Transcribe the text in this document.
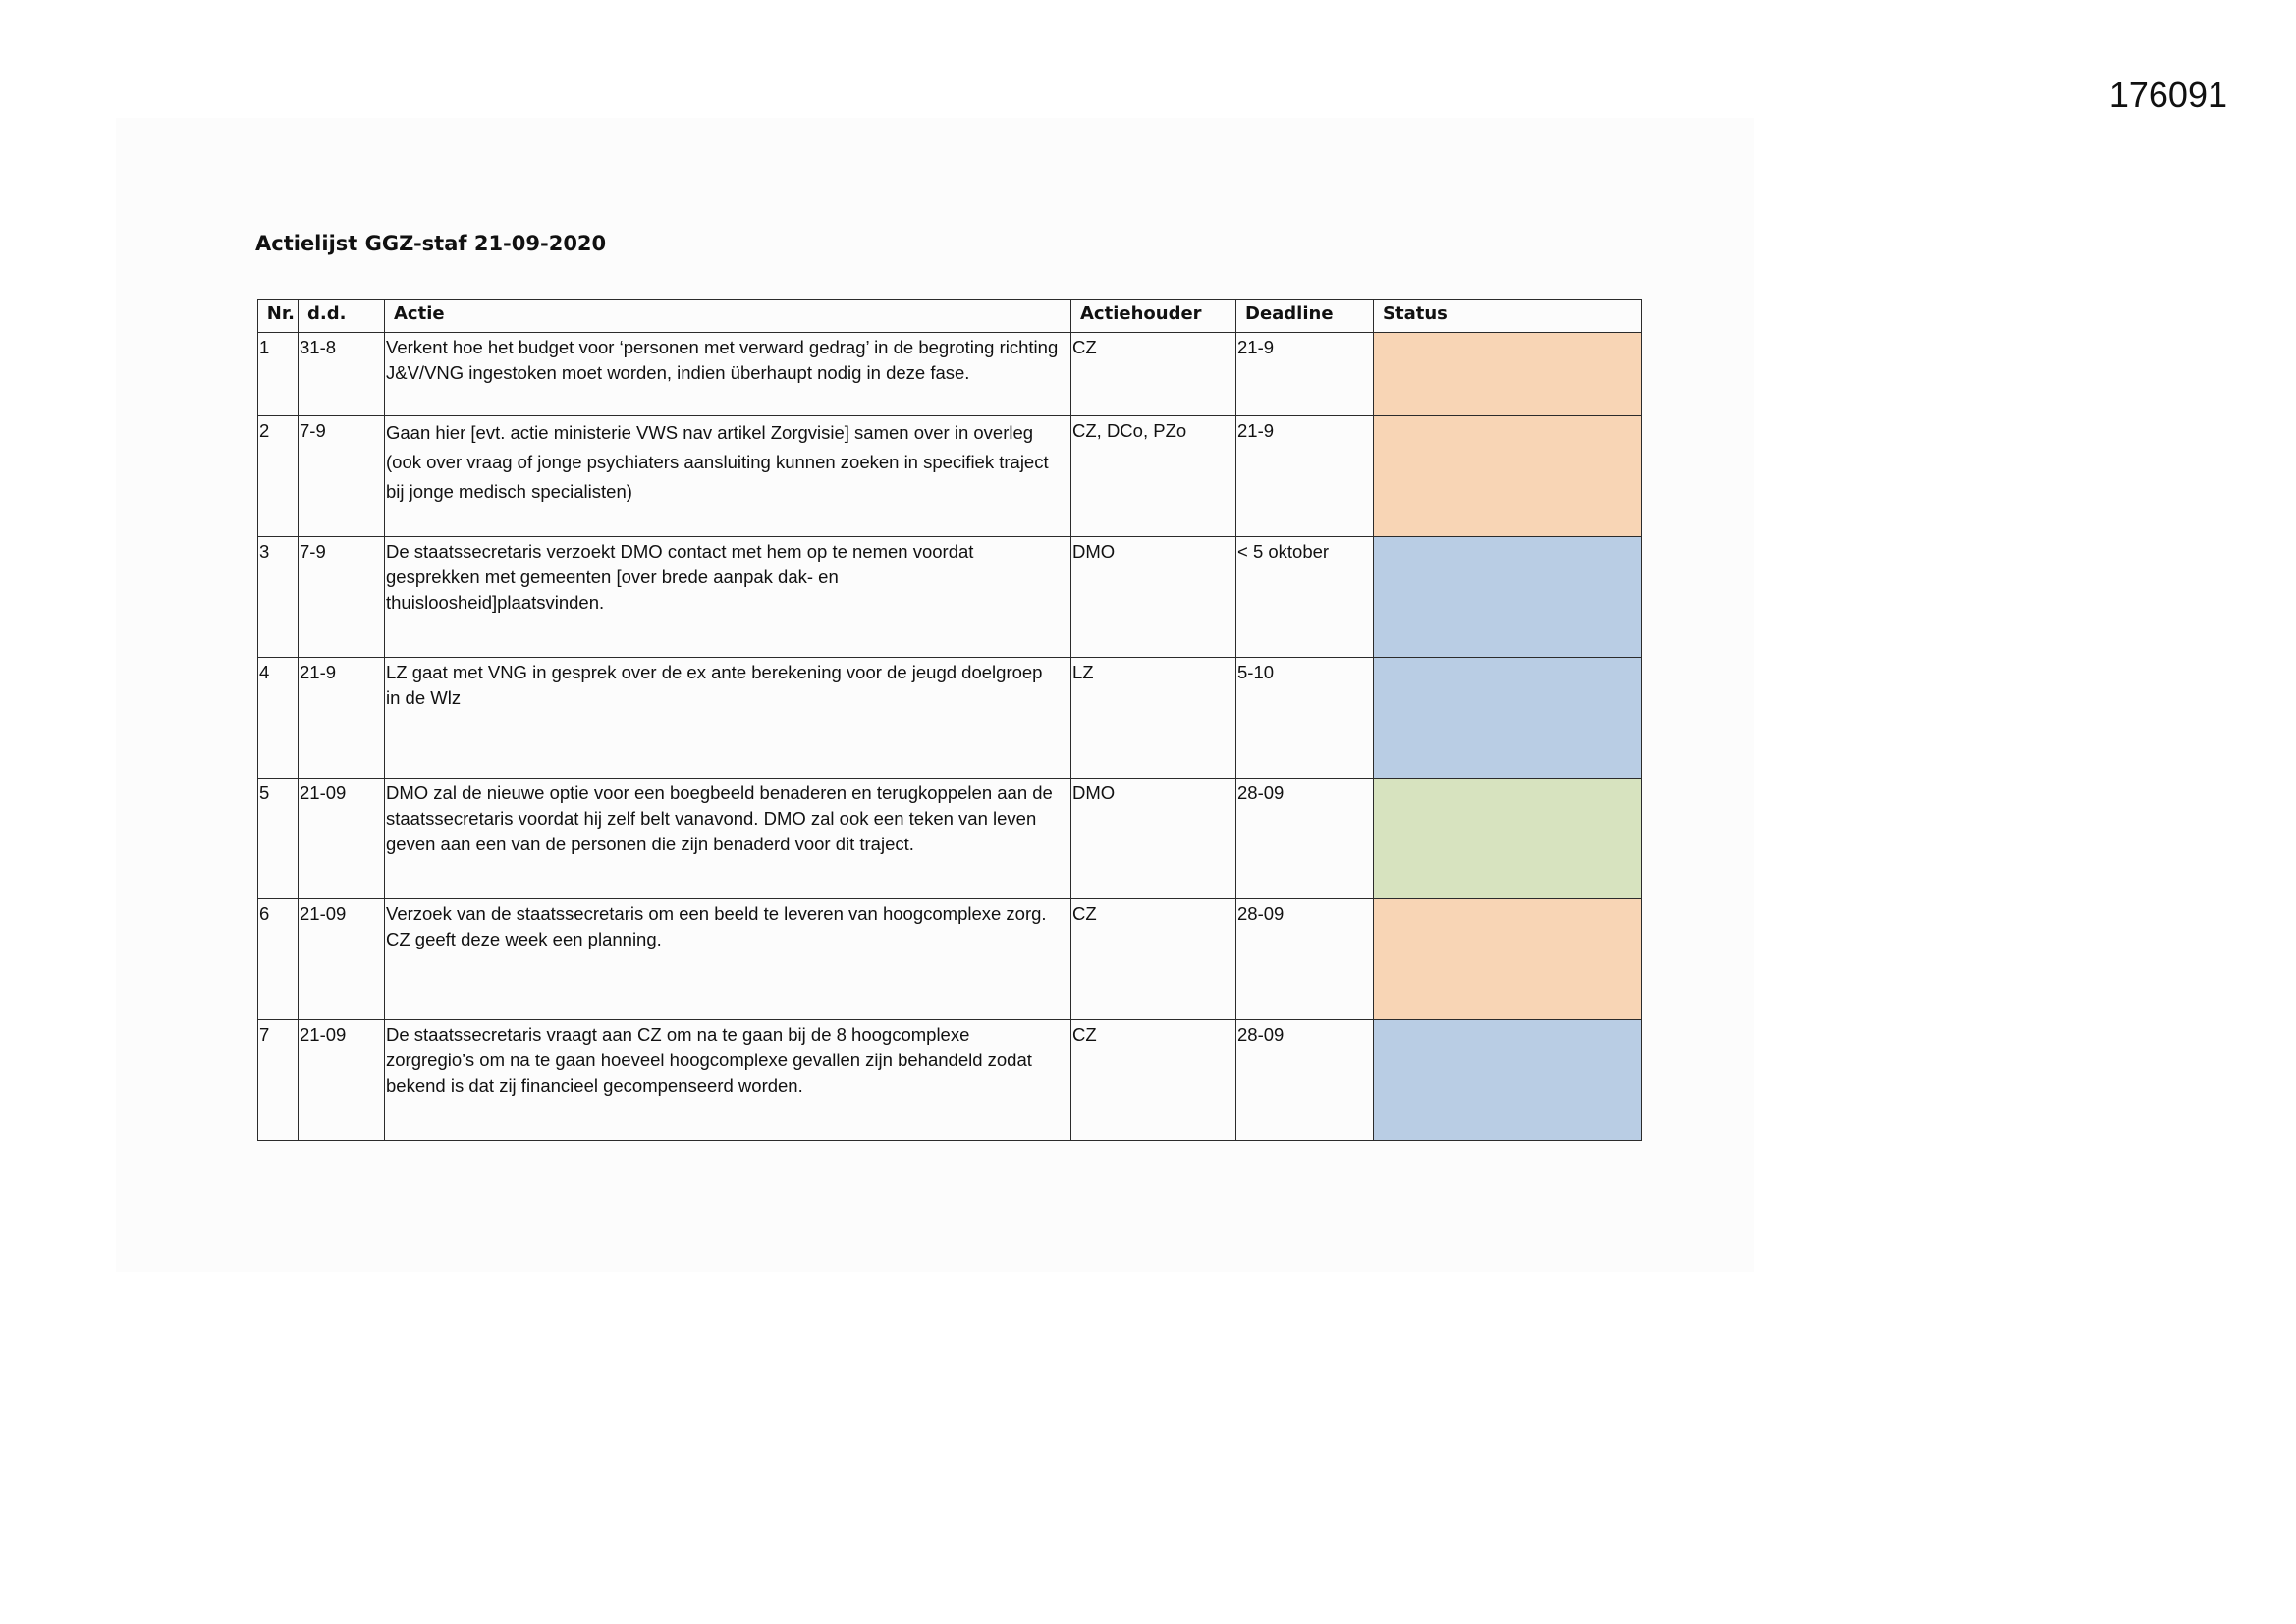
176091
Actielijst GGZ-staf 21-09-2020
Nr.	d.d.	Actie	Actiehouder	Deadline	Status
1	31-8	Verkent hoe het budget voor ‘personen met verward gedrag’ in de begroting richting J&V/VNG ingestoken moet worden, indien überhaupt nodig in deze fase.	CZ	21-9	
2	7-9	Gaan hier [evt. actie ministerie VWS nav artikel Zorgvisie] samen over in overleg (ook over vraag of jonge psychiaters aansluiting kunnen zoeken in specifiek traject bij jonge medisch specialisten)	CZ, DCo, PZo	21-9	
3	7-9	De staatssecretaris verzoekt DMO contact met hem op te nemen voordat gesprekken met gemeenten [over brede aanpak dak- en thuisloosheid]plaatsvinden.	DMO	< 5 oktober	
4	21-9	LZ gaat met VNG in gesprek over de ex ante berekening voor de jeugd doelgroep in de Wlz	LZ	5-10	
5	21-09	DMO zal de nieuwe optie voor een boegbeeld benaderen en terugkoppelen aan de staatssecretaris voordat hij zelf belt vanavond. DMO zal ook een teken van leven geven aan een van de personen die zijn benaderd voor dit traject.	DMO	28-09	
6	21-09	Verzoek van de staatssecretaris om een beeld te leveren van hoogcomplexe zorg. CZ geeft deze week een planning.	CZ	28-09	
7	21-09	De staatssecretaris vraagt aan CZ om na te gaan bij de 8 hoogcomplexe zorgregio’s om na te gaan hoeveel hoogcomplexe gevallen zijn behandeld zodat bekend is dat zij financieel gecompenseerd worden.	CZ	28-09	
